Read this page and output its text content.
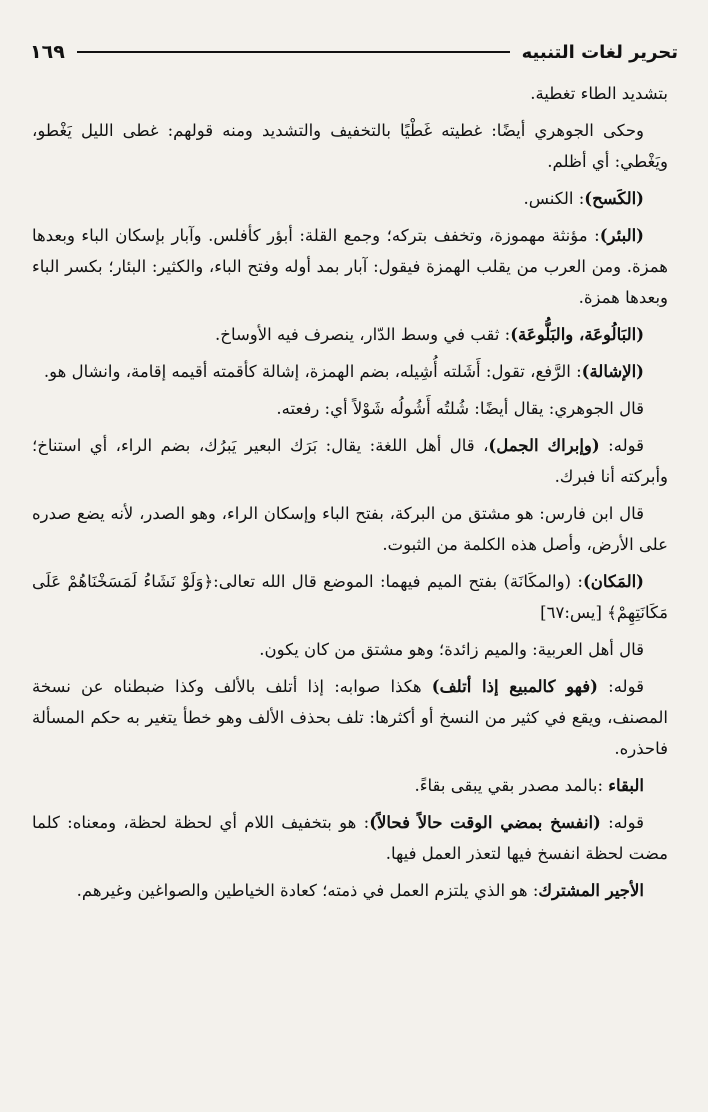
تحرير لغات التنبيه
١٦٩

بتشديد الطاء تغطية.

وحكى الجوهري أيضًا: غطيته غَطْيًا بالتخفيف والتشديد ومنه قولهم: غطى الليل يَغْطو، ويَغْطي: أي أظلم.

(الكَسح): الكنس.

(البئر): مؤنثة مهموزة، وتخفف بتركه؛ وجمع القلة: أبؤر كأفلس. وآبار بإسكان الباء وبعدها همزة. ومن العرب من يقلب الهمزة فيقول: آبار بمد أوله وفتح الباء، والكثير: البئار؛ بكسر الباء وبعدها همزة.

(البَالُوعَة، والبَلُّوعَة): ثقب في وسط الدّار، ينصرف فيه الأوساخ.

(الإشالة): الرَّفع، تقول: أَشَلته أُشِيله، بضم الهمزة، إشالة كأقمته أقيمه إقامة، وانشال هو.

قال الجوهري: يقال أيضًا: شُلتُه أَشُولُه شَوْلاً أي: رفعته.

قوله: (وإبراك الجمل)، قال أهل اللغة: يقال: بَرَك البعير يَبرُك، بضم الراء، أي استناخ؛ وأبركته أنا فبرك.

قال ابن فارس: هو مشتق من البركة، بفتح الباء وإسكان الراء، وهو الصدر، لأنه يضع صدره على الأرض، وأصل هذه الكلمة من الثبوت.

(المَكان): (والمكَانَة) بفتح الميم فيهما: الموضع قال الله تعالى:﴿وَلَوْ نَشَاءُ لَمَسَخْنَاهُمْ عَلَى مَكَانَتِهِمْ﴾ [يس:٦٧]

قال أهل العربية: والميم زائدة؛ وهو مشتق من كان يكون.

قوله: (فهو كالمبيع إذا أتلف) هكذا صوابه: إذا أتلف بالألف وكذا ضبطناه عن نسخة المصنف، ويقع في كثير من النسخ أو أكثرها: تلف بحذف الألف وهو خطأ يتغير به حكم المسألة فاحذره.

البقاء :بالمد مصدر بقي يبقى بقاءً.

قوله: (انفسخ بمضي الوقت حالاً فحالاً): هو بتخفيف اللام أي لحظة لحظة، ومعناه: كلما مضت لحظة انفسخ فيها لتعذر العمل فيها.

الأجير المشترك: هو الذي يلتزم العمل في ذمته؛ كعادة الخياطين والصواغين وغيرهم.
